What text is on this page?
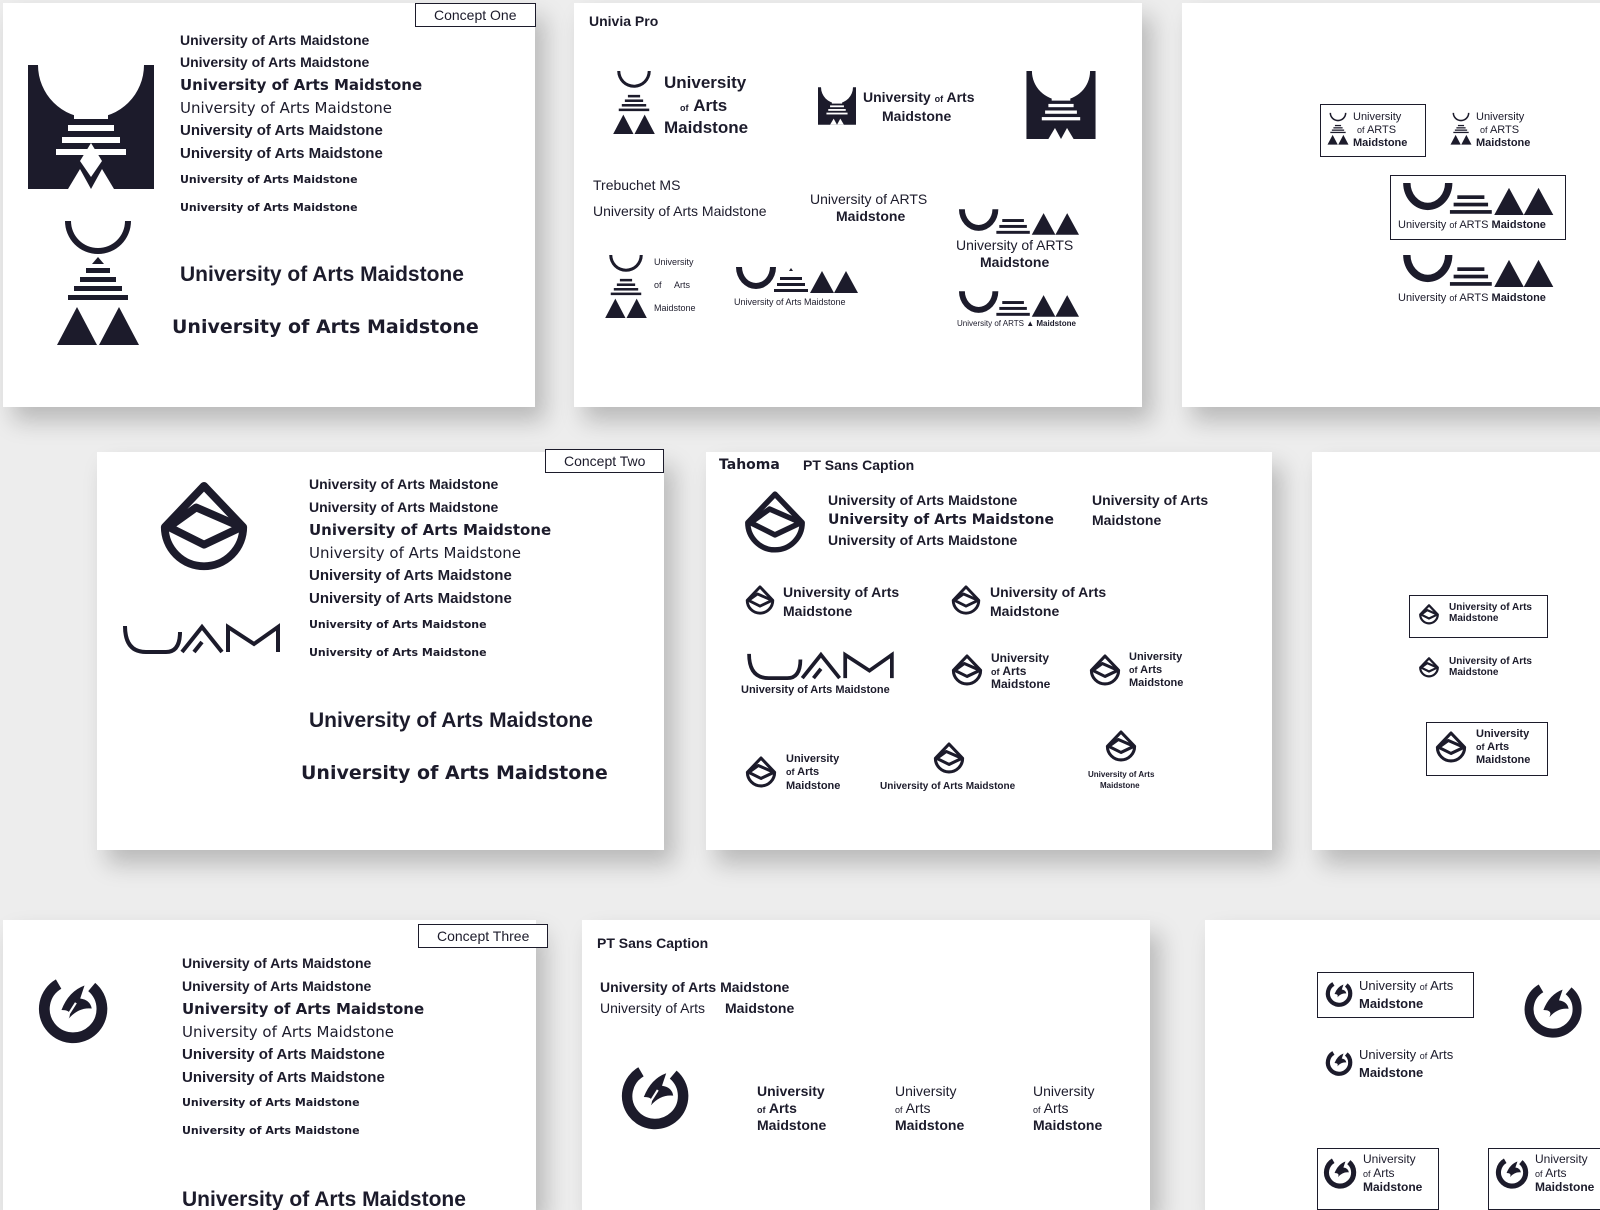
University of Arts Maidstone
University of Arts Maidstone
University of Arts Maidstone
University of Arts Maidstone
University of Arts Maidstone
University of Arts Maidstone
University of Arts Maidstone
University of Arts Maidstone
University of Arts Maidstone
University of Arts Maidstone
Concept One	Univia Pro
University
of Arts
Maidstone
University of Arts
Maidstone
Trebuchet MS
University of Arts Maidstone
University of ARTS
Maidstone
University
of Arts
Maidstone
University of Arts Maidstone
University of ARTS
Maidstone
University of ARTS ▲ Maidstone
University
of ARTS
Maidstone
University
of ARTS
Maidstone
University of ARTS Maidstone
University of ARTS Maidstone
University of Arts Maidstone
University of Arts Maidstone
University of Arts Maidstone
University of Arts Maidstone
University of Arts Maidstone
University of Arts Maidstone
University of Arts Maidstone
University of Arts Maidstone
University of Arts Maidstone
University of Arts Maidstone
Concept Two	Tahoma PT Sans Caption
University of Arts Maidstone
University of Arts Maidstone
University of Arts Maidstone
University of Arts
Maidstone
University of Arts
Maidstone
University of Arts
Maidstone
University of Arts Maidstone
University
of Arts
Maidstone
University
of Arts
Maidstone
University
of Arts
Maidstone	University of Arts Maidstone
University of Arts
Maidstone
University of Arts
Maidstone
University of Arts
Maidstone
University
of Arts
Maidstone
University of Arts Maidstone
University of Arts Maidstone
University of Arts Maidstone
University of Arts Maidstone
University of Arts Maidstone
University of Arts Maidstone
University of Arts Maidstone
University of Arts Maidstone
University of Arts Maidstone
Concept Three	PT Sans Caption
University of Arts Maidstone
University of Arts Maidstone
University
of Arts
Maidstone
University
of Arts
Maidstone
University
of Arts
Maidstone
University of Arts
Maidstone
University of Arts
Maidstone
University
of Arts
Maidstone
University
of Arts
Maidstone
